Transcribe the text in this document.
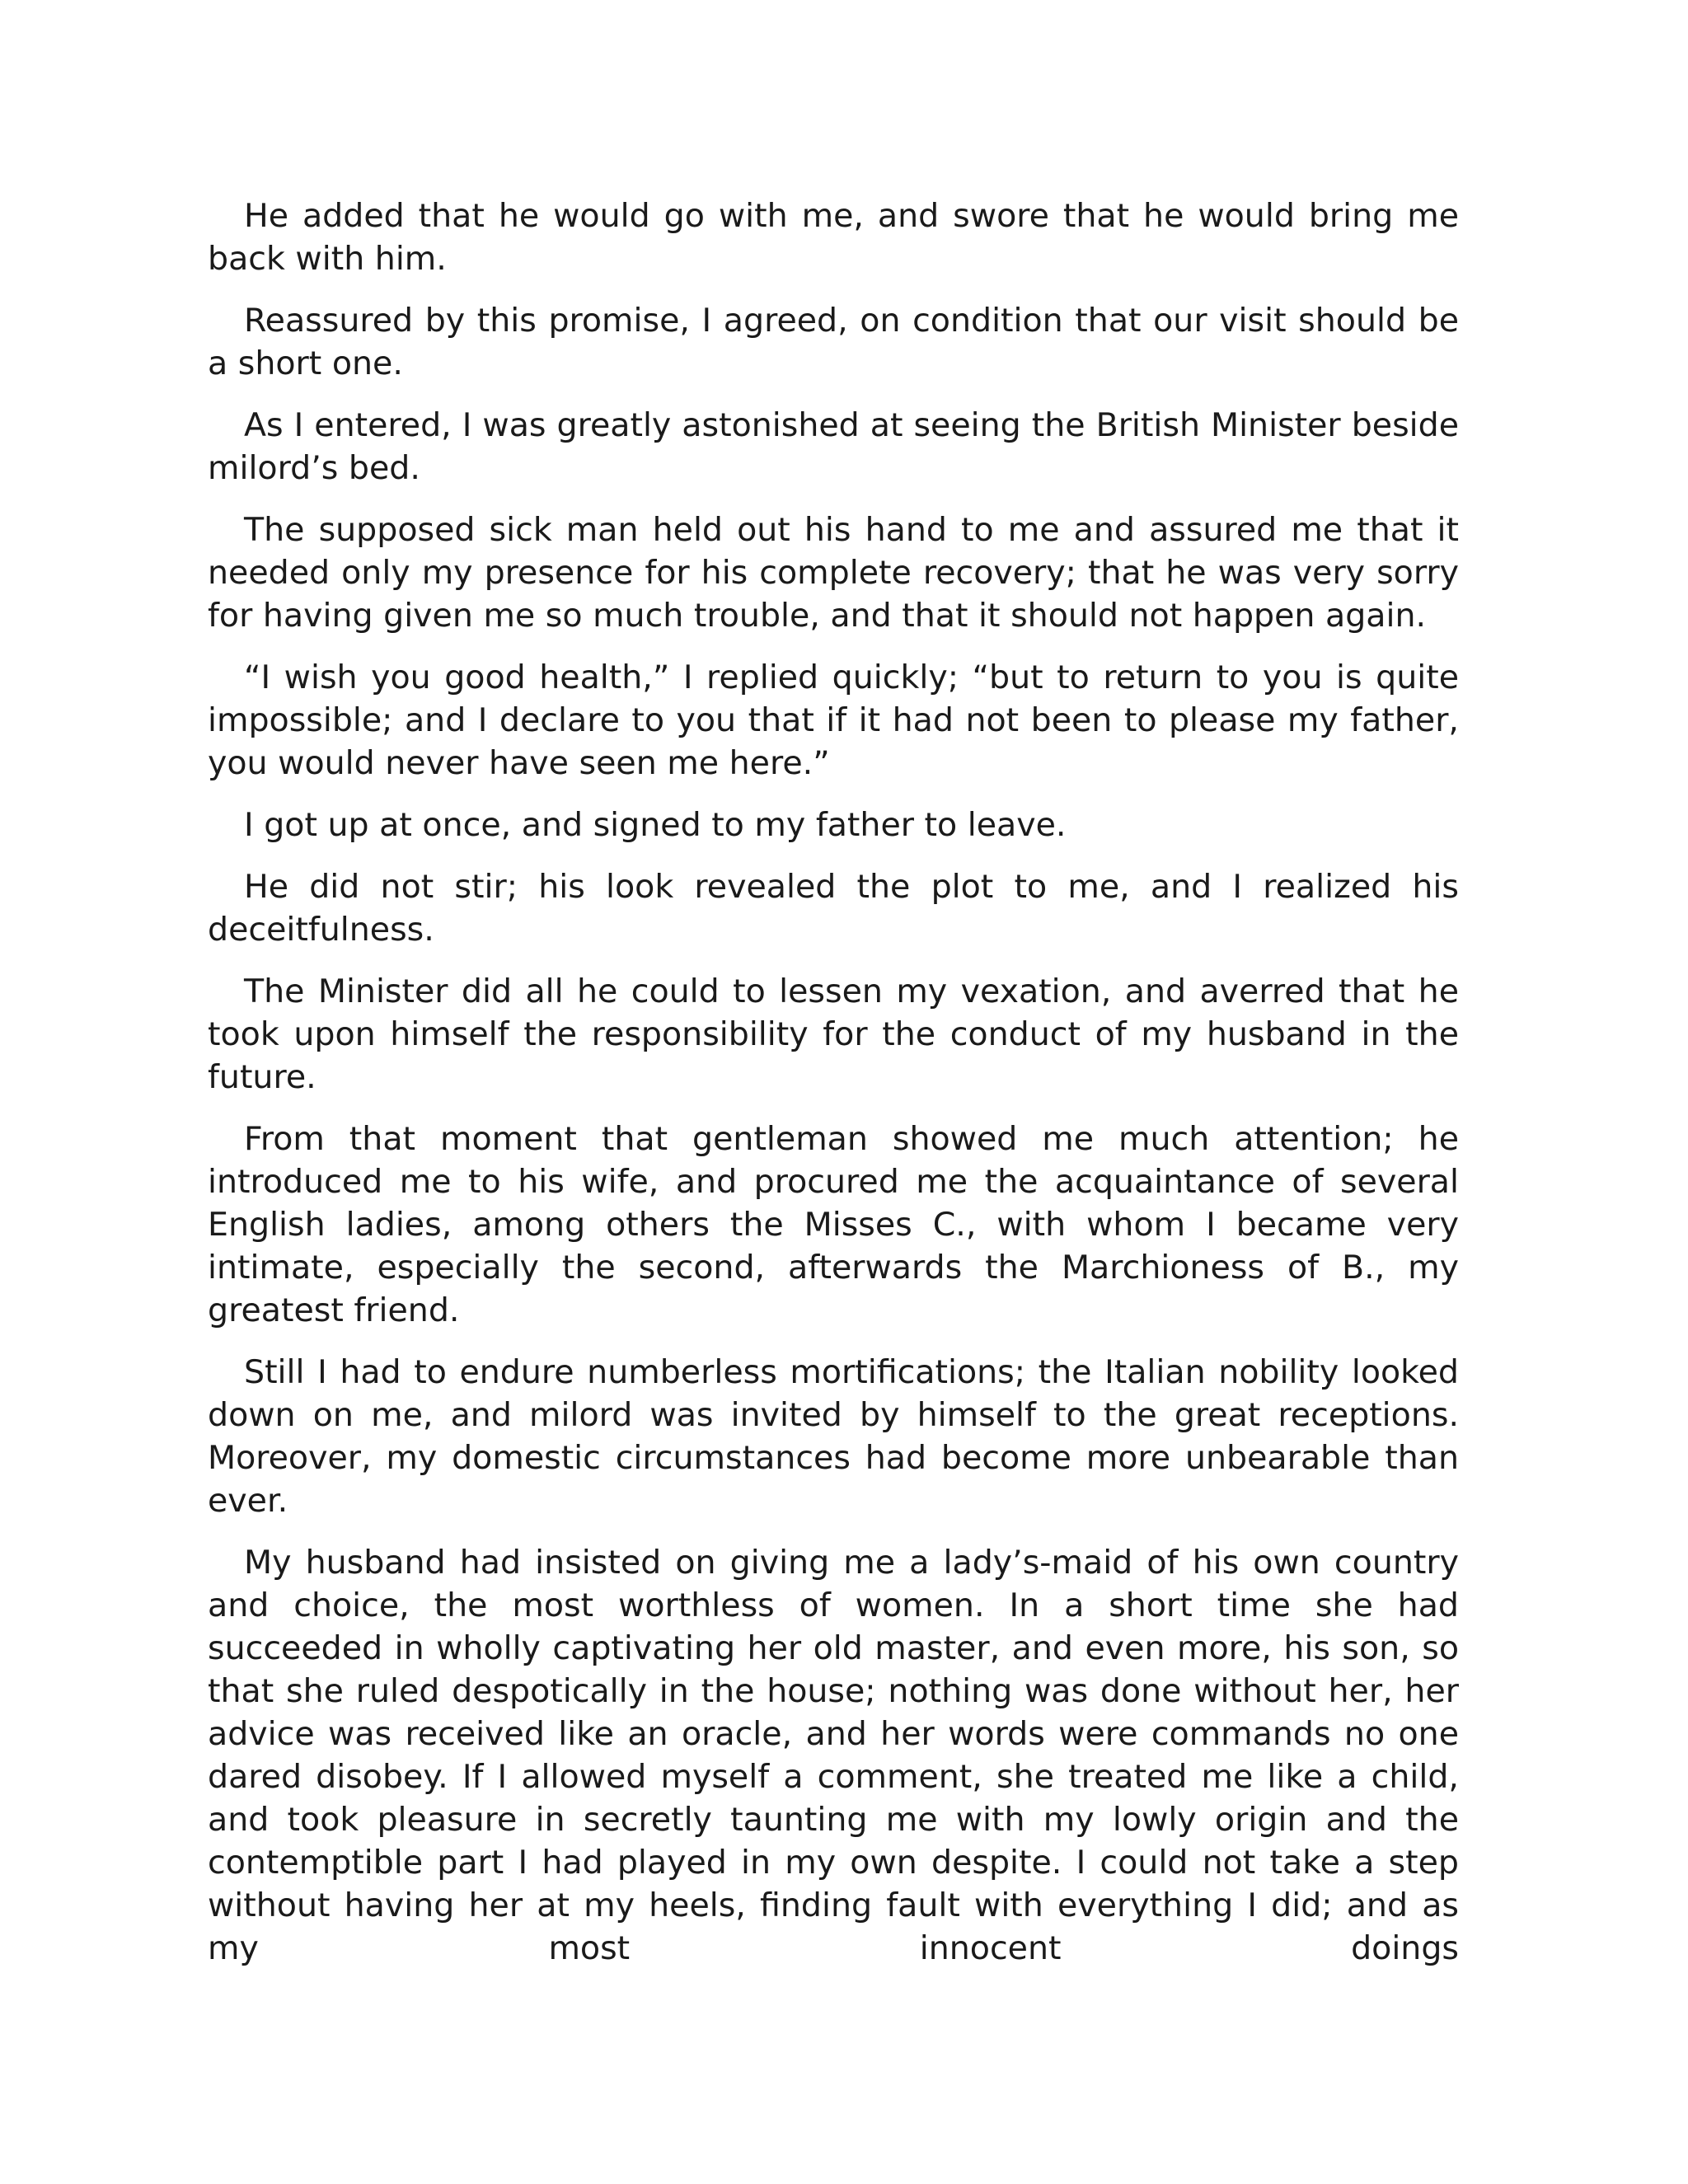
He added that he would go with me, and swore that he would bring me back with him.

Reassured by this promise, I agreed, on condition that our visit should be a short one.

As I entered, I was greatly astonished at seeing the British Minister beside milord’s bed.

The supposed sick man held out his hand to me and assured me that it needed only my presence for his complete recovery; that he was very sorry for having given me so much trouble, and that it should not happen again.

“I wish you good health,” I replied quickly; “but to return to you is quite impossible; and I declare to you that if it had not been to please my father, you would never have seen me here.”

I got up at once, and signed to my father to leave.

He did not stir; his look revealed the plot to me, and I realized his deceitfulness.

The Minister did all he could to lessen my vexation, and averred that he took upon himself the responsibility for the conduct of my husband in the future.

From that moment that gentleman showed me much attention; he introduced me to his wife, and procured me the acquaintance of several English ladies, among others the Misses C., with whom I became very intimate, especially the second, afterwards the Marchioness of B., my greatest friend.

Still I had to endure numberless mortifications; the Italian nobility looked down on me, and milord was invited by himself to the great receptions. Moreover, my domestic circumstances had become more unbearable than ever.

My husband had insisted on giving me a lady’s-maid of his own country and choice, the most worthless of women. In a short time she had succeeded in wholly captivating her old master, and even more, his son, so that she ruled despotically in the house; nothing was done without her, her advice was received like an oracle, and her words were commands no one dared disobey. If I allowed myself a comment, she treated me like a child, and took pleasure in secretly taunting me with my lowly origin and the contemptible part I had played in my own despite. I could not take a step without having her at my heels, finding fault with everything I did; and as my most innocent doings
